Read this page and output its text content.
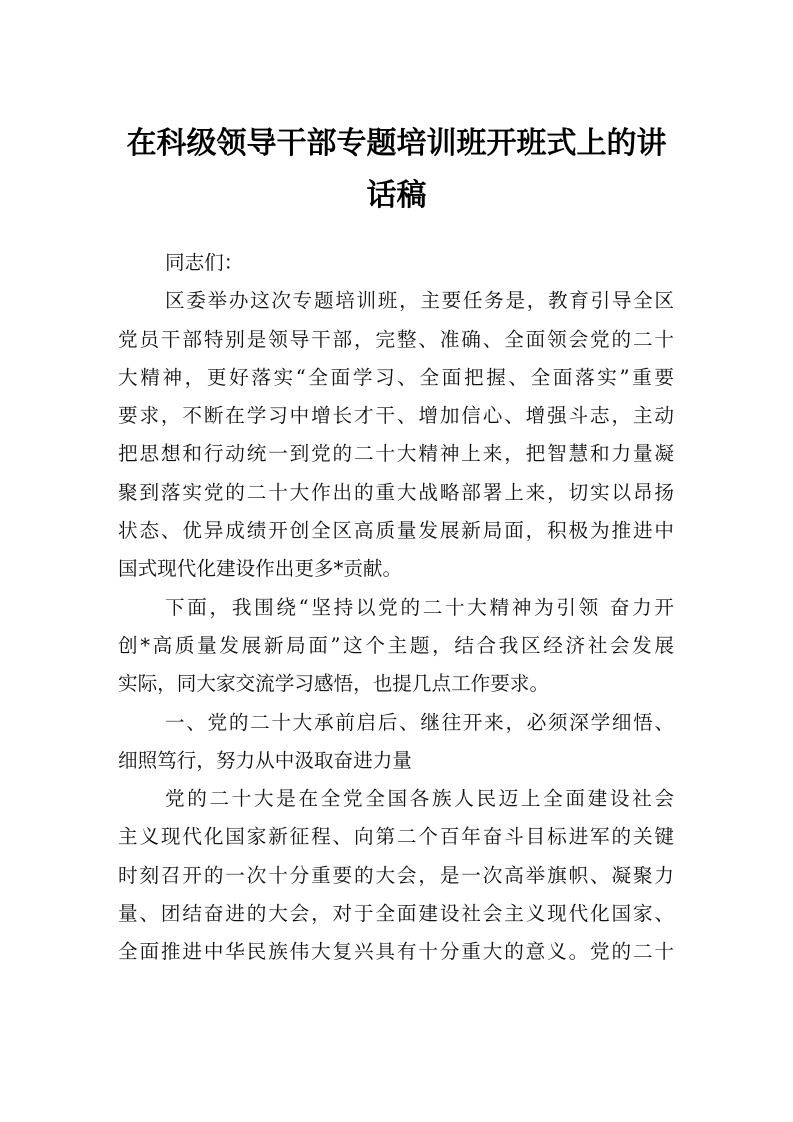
在科级领导干部专题培训班开班式上的讲
话稿

同志们：

区委举办这次专题培训班，主要任务是，教育引导全区
党员干部特别是领导干部，完整、准确、全面领会党的二十
大精神，更好落实“全面学习、全面把握、全面落实”重要
要求，不断在学习中增长才干、增加信心、增强斗志，主动
把思想和行动统一到党的二十大精神上来，把智慧和力量凝
聚到落实党的二十大作出的重大战略部署上来，切实以昂扬
状态、优异成绩开创全区高质量发展新局面，积极为推进中
国式现代化建设作出更多*贡献。

下面，我围绕“坚持以党的二十大精神为引领 奋力开
创*高质量发展新局面”这个主题，结合我区经济社会发展
实际，同大家交流学习感悟，也提几点工作要求。

一、党的二十大承前启后、继往开来，必须深学细悟、
细照笃行，努力从中汲取奋进力量

党的二十大是在全党全国各族人民迈上全面建设社会
主义现代化国家新征程、向第二个百年奋斗目标进军的关键
时刻召开的一次十分重要的大会，是一次高举旗帜、凝聚力
量、团结奋进的大会，对于全面建设社会主义现代化国家、
全面推进中华民族伟大复兴具有十分重大的意义。党的二十
